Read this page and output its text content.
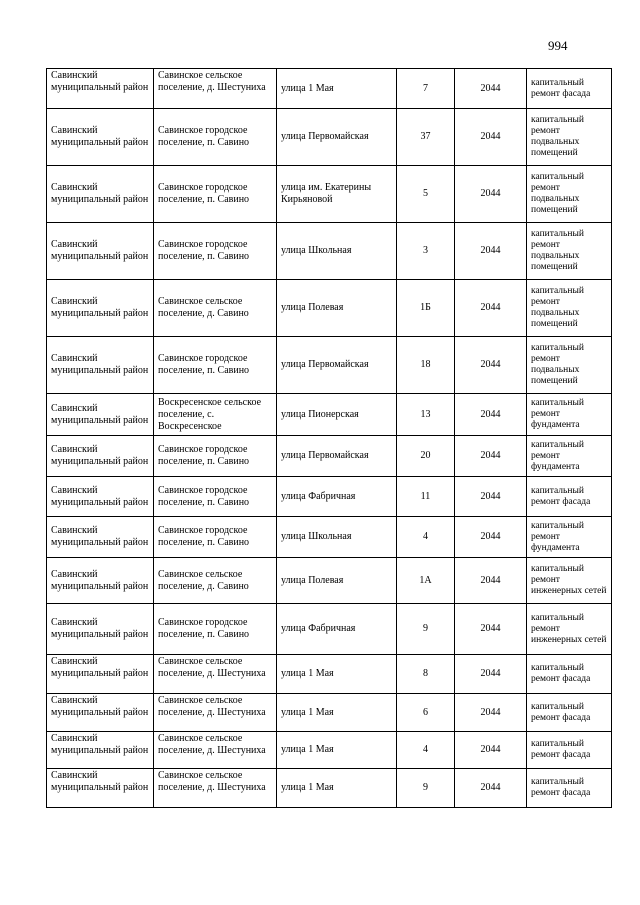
994
Савинский муниципальный район	Савинское сельское поселение, д. Шестуниха	улица 1 Мая	7	2044	капитальный ремонт фасада
Савинский муниципальный район	Савинское городское поселение, п. Савино	улица Первомайская	37	2044	капитальный ремонт подвальных помещений
Савинский муниципальный район	Савинское городское поселение, п. Савино	улица им. Екатерины Кирьяновой	5	2044	капитальный ремонт подвальных помещений
Савинский муниципальный район	Савинское городское поселение, п. Савино	улица Школьная	3	2044	капитальный ремонт подвальных помещений
Савинский муниципальный район	Савинское сельское поселение, д. Савино	улица Полевая	1Б	2044	капитальный ремонт подвальных помещений
Савинский муниципальный район	Савинское городское поселение, п. Савино	улица Первомайская	18	2044	капитальный ремонт подвальных помещений
Савинский муниципальный район	Воскресенское сельское поселение, с. Воскресенское	улица Пионерская	13	2044	капитальный ремонт фундамента
Савинский муниципальный район	Савинское городское поселение, п. Савино	улица Первомайская	20	2044	капитальный ремонт фундамента
Савинский муниципальный район	Савинское городское поселение, п. Савино	улица Фабричная	11	2044	капитальный ремонт фасада
Савинский муниципальный район	Савинское городское поселение, п. Савино	улица Школьная	4	2044	капитальный ремонт фундамента
Савинский муниципальный район	Савинское сельское поселение, д. Савино	улица Полевая	1А	2044	капитальный ремонт инженерных сетей
Савинский муниципальный район	Савинское городское поселение, п. Савино	улица Фабричная	9	2044	капитальный ремонт инженерных сетей
Савинский муниципальный район	Савинское сельское поселение, д. Шестуниха	улица 1 Мая	8	2044	капитальный ремонт фасада
Савинский муниципальный район	Савинское сельское поселение, д. Шестуниха	улица 1 Мая	6	2044	капитальный ремонт фасада
Савинский муниципальный район	Савинское сельское поселение, д. Шестуниха	улица 1 Мая	4	2044	капитальный ремонт фасада
Савинский муниципальный район	Савинское сельское поселение, д. Шестуниха	улица 1 Мая	9	2044	капитальный ремонт фасада
